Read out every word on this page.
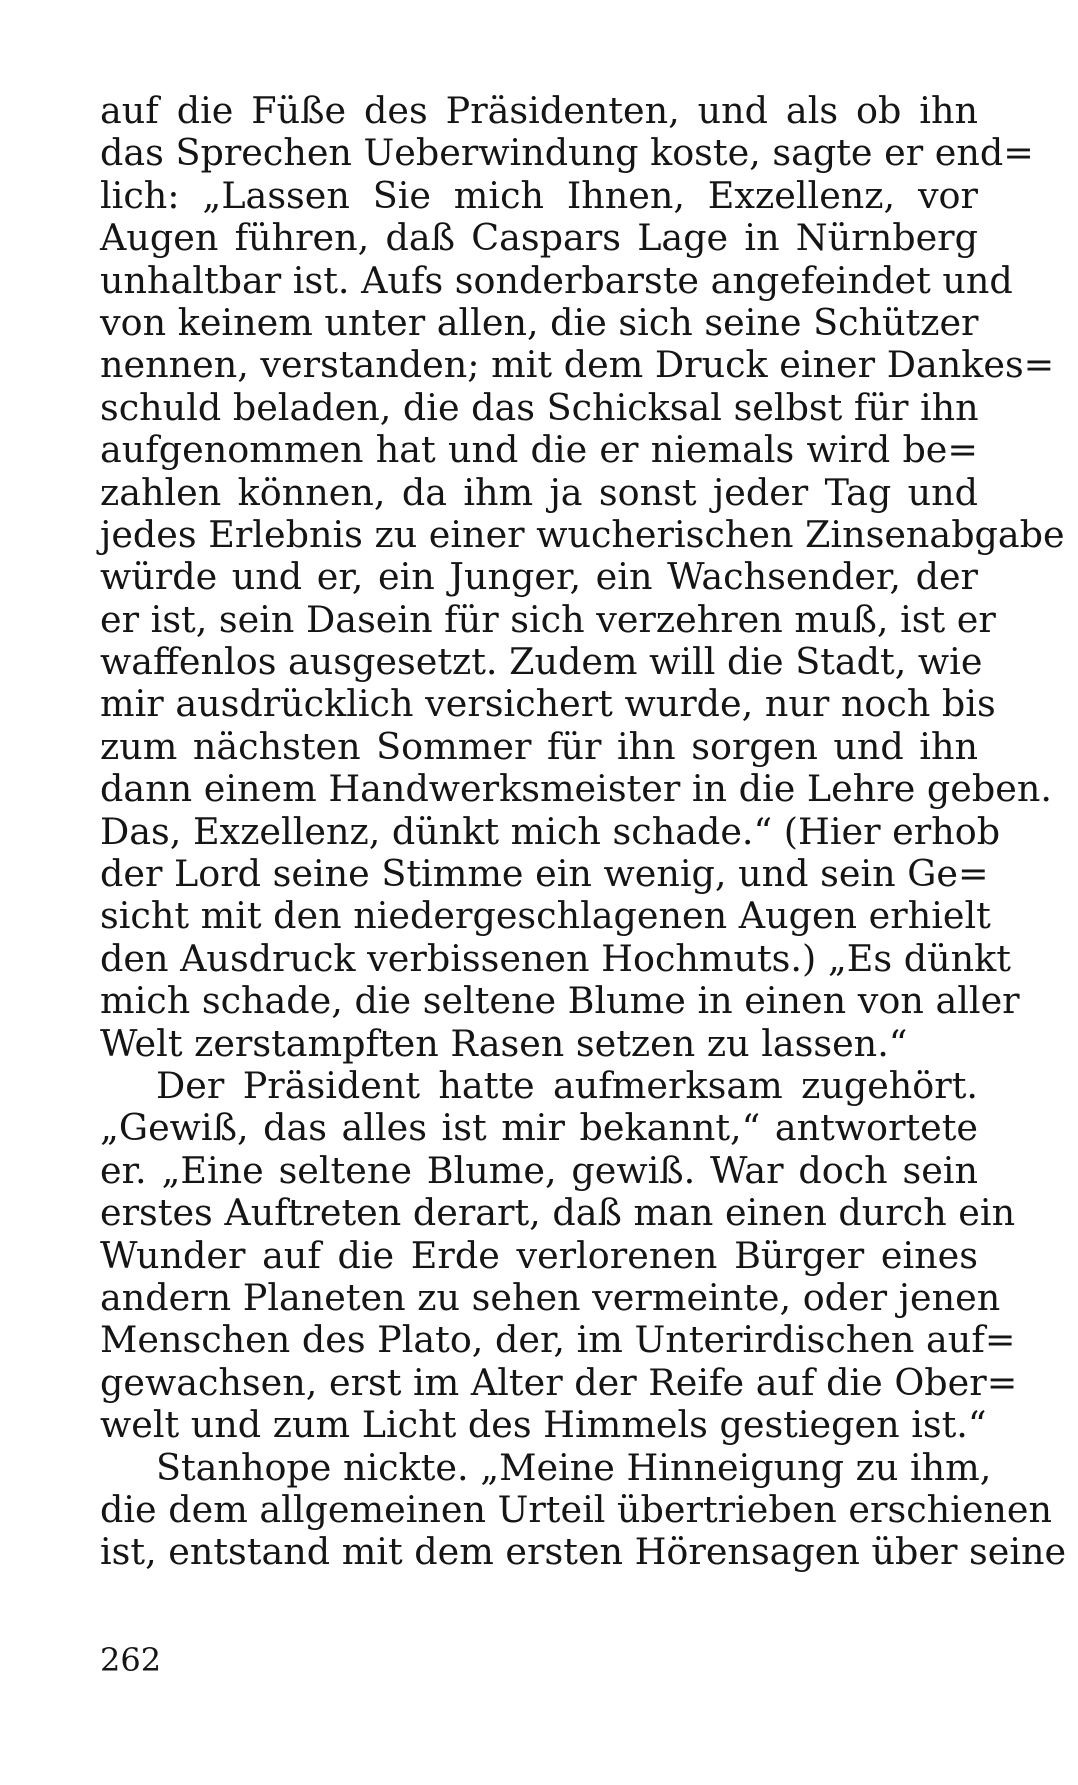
auf die Füße des Präsidenten, und als ob ihn
das Sprechen Ueberwindung koste, sagte er end=
lich: „Lassen Sie mich Ihnen, Exzellenz, vor
Augen führen, daß Caspars Lage in Nürnberg
unhaltbar ist. Aufs sonderbarste angefeindet und
von keinem unter allen, die sich seine Schützer
nennen, verstanden; mit dem Druck einer Dankes=
schuld beladen, die das Schicksal selbst für ihn
aufgenommen hat und die er niemals wird be=
zahlen können, da ihm ja sonst jeder Tag und
jedes Erlebnis zu einer wucherischen Zinsenabgabe
würde und er, ein Junger, ein Wachsender, der
er ist, sein Dasein für sich verzehren muß, ist er
waffenlos ausgesetzt. Zudem will die Stadt, wie
mir ausdrücklich versichert wurde, nur noch bis
zum nächsten Sommer für ihn sorgen und ihn
dann einem Handwerksmeister in die Lehre geben.
Das, Exzellenz, dünkt mich schade.“ (Hier erhob
der Lord seine Stimme ein wenig, und sein Ge=
sicht mit den niedergeschlagenen Augen erhielt
den Ausdruck verbissenen Hochmuts.) „Es dünkt
mich schade, die seltene Blume in einen von aller
Welt zerstampften Rasen setzen zu lassen.“
Der Präsident hatte aufmerksam zugehört.
„Gewiß, das alles ist mir bekannt,“ antwortete
er. „Eine seltene Blume, gewiß. War doch sein
erstes Auftreten derart, daß man einen durch ein
Wunder auf die Erde verlorenen Bürger eines
andern Planeten zu sehen vermeinte, oder jenen
Menschen des Plato, der, im Unterirdischen auf=
gewachsen, erst im Alter der Reife auf die Ober=
welt und zum Licht des Himmels gestiegen ist.“
Stanhope nickte. „Meine Hinneigung zu ihm,
die dem allgemeinen Urteil übertrieben erschienen
ist, entstand mit dem ersten Hörensagen über seine
262
